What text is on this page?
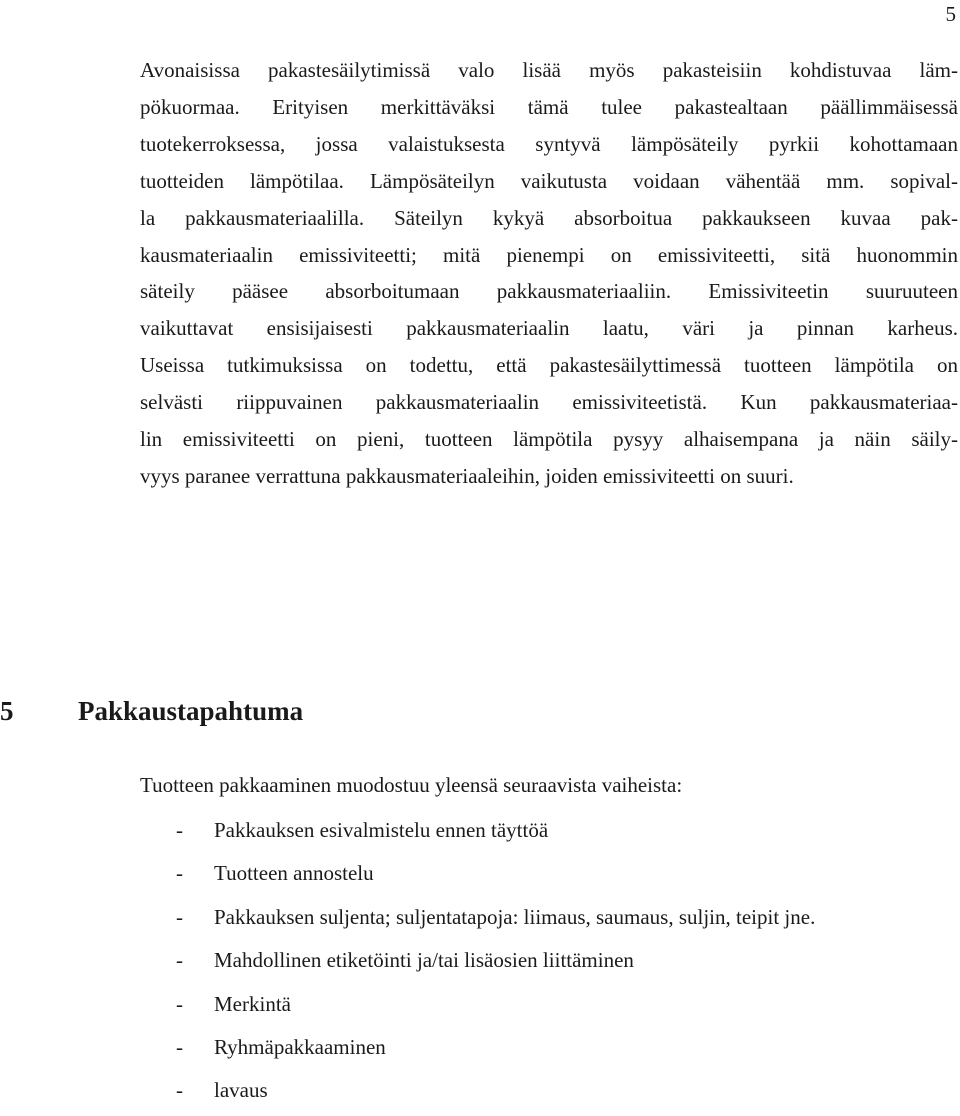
5

Avonaisissa pakastesäilytimissä valo lisää myös pakasteisiin kohdistuvaa läm-
pökuormaa. Erityisen merkittäväksi tämä tulee pakastealtaan päällimmäisessä
tuotekerroksessa, jossa valaistuksesta syntyvä lämpösäteily pyrkii kohottamaan
tuotteiden lämpötilaa. Lämpösäteilyn vaikutusta voidaan vähentää mm. sopival-
la pakkausmateriaalilla. Säteilyn kykyä absorboitua pakkaukseen kuvaa pak-
kausmateriaalin emissiviteetti; mitä pienempi on emissiviteetti, sitä huonommin
säteily pääsee absorboitumaan pakkausmateriaaliin. Emissiviteetin suuruuteen
vaikuttavat ensisijaisesti pakkausmateriaalin laatu, väri ja pinnan karheus.
Useissa tutkimuksissa on todettu, että pakastesäilyttimessä tuotteen lämpötila on
selvästi riippuvainen pakkausmateriaalin emissiviteetistä. Kun pakkausmateriaa-
lin emissiviteetti on pieni, tuotteen lämpötila pysyy alhaisempana ja näin säily-
vyys paranee verrattuna pakkausmateriaaleihin, joiden emissiviteetti on suuri.

5 Pakkaustapahtuma

Tuotteen pakkaaminen muodostuu yleensä seuraavista vaiheista:

- Pakkauksen esivalmistelu ennen täyttöä
- Tuotteen annostelu
- Pakkauksen suljenta; suljentatapoja: liimaus, saumaus, suljin, teipit jne.
- Mahdollinen etiketöinti ja/tai lisäosien liittäminen
- Merkintä
- Ryhmäpakkaaminen
- lavaus
